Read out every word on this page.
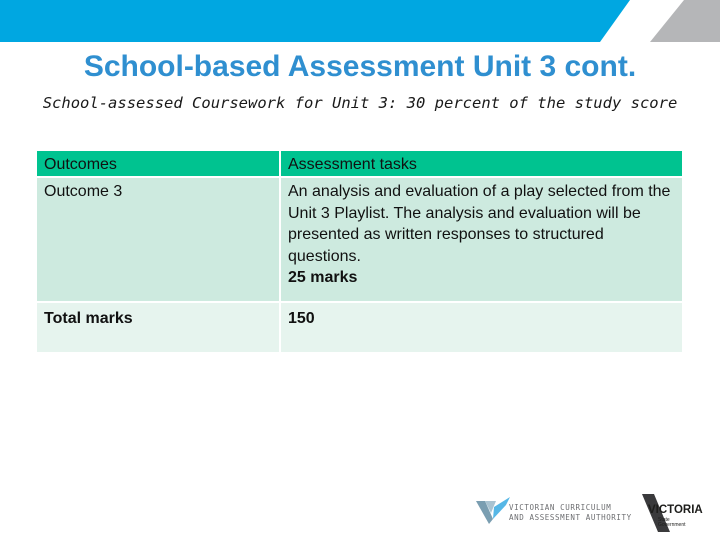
School-based Assessment Unit 3 cont.
School-assessed Coursework for Unit 3: 30 percent of the study score
Outcomes	Assessment tasks
Outcome 3	An analysis and evaluation of a play selected from the Unit 3 Playlist. The analysis and evaluation will be presented as written responses to structured questions.
25 marks

Total marks	150
VICTORIAN CURRICULUM
AND ASSESSMENT AUTHORITY
VICTORIA
State
Government
